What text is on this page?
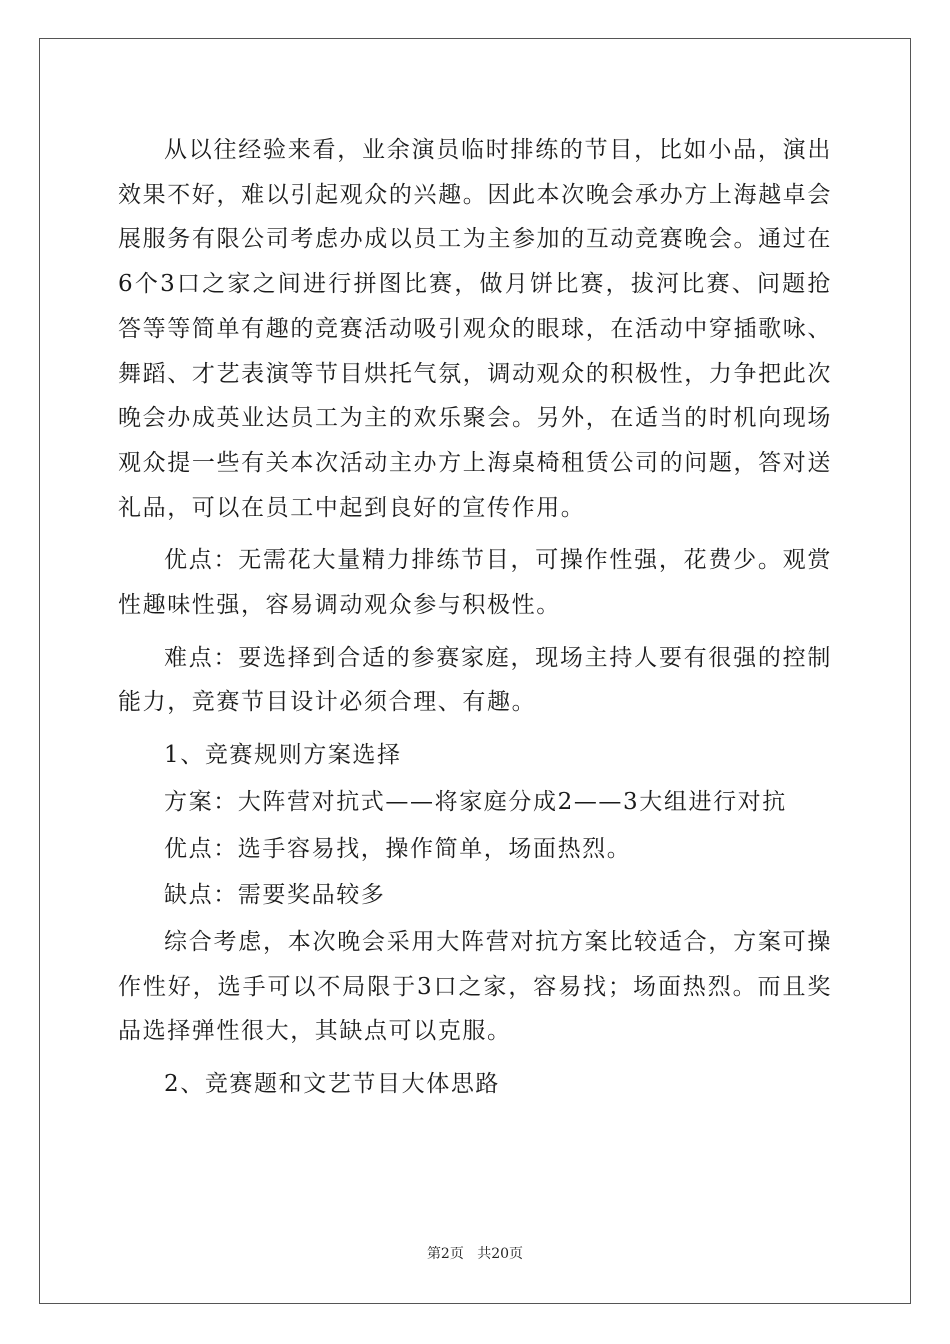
从以往经验来看，业余演员临时排练的节目，比如小品，演出效果不好，难以引起观众的兴趣。因此本次晚会承办方上海越卓会展服务有限公司考虑办成以员工为主参加的互动竞赛晚会。通过在6个3口之家之间进行拼图比赛，做月饼比赛，拔河比赛、问题抢答等等简单有趣的竞赛活动吸引观众的眼球，在活动中穿插歌咏、舞蹈、才艺表演等节目烘托气氛，调动观众的积极性，力争把此次晚会办成英业达员工为主的欢乐聚会。另外，在适当的时机向现场观众提一些有关本次活动主办方上海桌椅租赁公司的问题，答对送礼品，可以在员工中起到良好的宣传作用。

优点：无需花大量精力排练节目，可操作性强，花费少。观赏性趣味性强，容易调动观众参与积极性。

难点：要选择到合适的参赛家庭，现场主持人要有很强的控制能力，竞赛节目设计必须合理、有趣。

1、竞赛规则方案选择

方案：大阵营对抗式——将家庭分成2——3大组进行对抗

优点：选手容易找，操作简单，场面热烈。

缺点：需要奖品较多

综合考虑，本次晚会采用大阵营对抗方案比较适合，方案可操作性好，选手可以不局限于3口之家，容易找；场面热烈。而且奖品选择弹性很大，其缺点可以克服。

2、竞赛题和文艺节目大体思路

第2页 共20页
